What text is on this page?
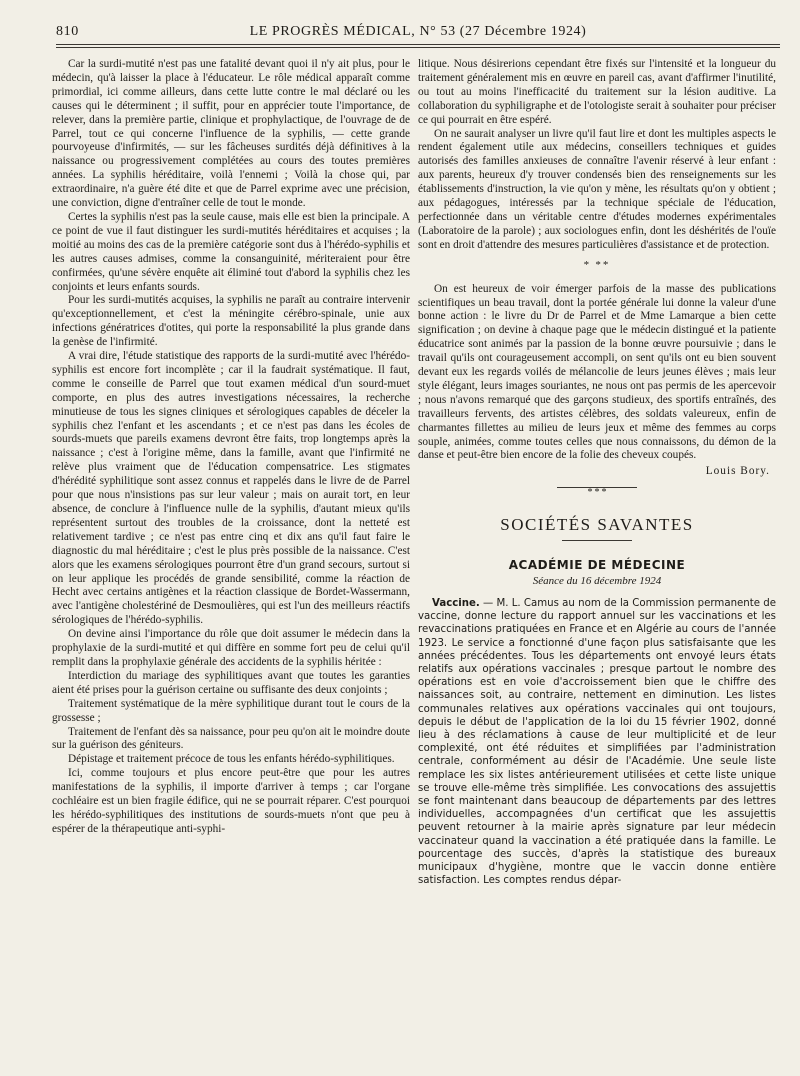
810	LE PROGRÈS MÉDICAL, N° 53 (27 Décembre 1924)

Car la surdi-mutité n'est pas une fatalité devant quoi il n'y ait plus, pour le médecin, qu'à laisser la place à l'éducateur. Le rôle médical apparaît comme primordial, ici comme ailleurs, dans cette lutte contre le mal déclaré ou les causes qui le déterminent ; il suffit, pour en apprécier toute l'importance, de relever, dans la première partie, clinique et prophylactique, de l'ouvrage de de Parrel, tout ce qui concerne l'influence de la syphilis, — cette grande pourvoyeuse d'infirmités, — sur les fâcheuses surdités déjà définitives à la naissance ou progressivement complétées au cours des toutes premières années. La syphilis héréditaire, voilà l'ennemi ; Voilà la chose qui, par extraordinaire, n'a guère été dite et que de Parrel exprime avec une précision, une conviction, digne d'entraîner celle de tout le monde.

Certes la syphilis n'est pas la seule cause, mais elle est bien la principale. A ce point de vue il faut distinguer les surdi-mutités héréditaires et acquises ; la moitié au moins des cas de la première catégorie sont dus à l'hérédo-syphilis et les autres causes admises, comme la consanguinité, mériteraient pour être confirmées, qu'une sévère enquête ait éliminé tout d'abord la syphilis chez les conjoints et leurs enfants sourds.

Pour les surdi-mutités acquises, la syphilis ne paraît au contraire intervenir qu'exceptionnellement, et c'est la méningite cérébro-spinale, unie aux infections génératrices d'otites, qui porte la responsabilité la plus grande dans la genèse de l'infirmité.

A vrai dire, l'étude statistique des rapports de la surdi-mutité avec l'hérédo-syphilis est encore fort incomplète ; car il la faudrait systématique. Il faut, comme le conseille de Parrel que tout examen médical d'un sourd-muet comporte, en plus des autres investigations nécessaires, la recherche minutieuse de tous les signes cliniques et sérologiques capables de déceler la syphilis chez l'enfant et les ascendants ; et ce n'est pas dans les écoles de sourds-muets que pareils examens devront être faits, trop longtemps après la naissance ; c'est à l'origine même, dans la famille, avant que l'infirmité ne relève plus vraiment que de l'éducation compensatrice. Les stigmates d'hérédité syphilitique sont assez connus et rappelés dans le livre de de Parrel pour que nous n'insistions pas sur leur valeur ; mais on aurait tort, en leur absence, de conclure à l'influence nulle de la syphilis, d'autant mieux qu'ils représentent surtout des troubles de la croissance, dont la netteté est relativement tardive ; ce n'est pas entre cinq et dix ans qu'il faut faire le diagnostic du mal héréditaire ; c'est le plus près possible de la naissance. C'est alors que les examens sérologiques pourront être d'un grand secours, surtout si on leur applique les procédés de grande sensibilité, comme la réaction de Hecht avec certains antigènes et la réaction classique de Bordet-Wassermann, avec l'antigène cholestériné de Desmoulières, qui est l'un des meilleurs réactifs sérologiques de l'hérédo-syphilis.

On devine ainsi l'importance du rôle que doit assumer le médecin dans la prophylaxie de la surdi-mutité et qui diffère en somme fort peu de celui qu'il remplit dans la prophylaxie générale des accidents de la syphilis héritée :

Interdiction du mariage des syphilitiques avant que toutes les garanties aient été prises pour la guérison certaine ou suffisante des deux conjoints ;

Traitement systématique de la mère syphilitique durant tout le cours de la grossesse ;

Traitement de l'enfant dès sa naissance, pour peu qu'on ait le moindre doute sur la guérison des géniteurs.

Dépistage et traitement précoce de tous les enfants hérédo-syphilitiques.

Ici, comme toujours et plus encore peut-être que pour les autres manifestations de la syphilis, il importe d'arriver à temps ; car l'organe cochléaire est un bien fragile édifice, qui ne se pourrait réparer. C'est pourquoi les hérédo-syphilitiques des institutions de sourds-muets n'ont que peu à espérer de la thérapeutique anti-syphi-

litique. Nous désirerions cependant être fixés sur l'intensité et la longueur du traitement généralement mis en œuvre en pareil cas, avant d'affirmer l'inutilité, ou tout au moins l'inefficacité du traitement sur la lésion auditive. La collaboration du syphiligraphe et de l'otologiste serait à souhaiter pour préciser ce qui pourrait en être espéré.

On ne saurait analyser un livre qu'il faut lire et dont les multiples aspects le rendent également utile aux médecins, conseillers techniques et guides autorisés des familles anxieuses de connaître l'avenir réservé à leur enfant : aux parents, heureux d'y trouver condensés bien des renseignements sur les établissements d'instruction, la vie qu'on y mène, les résultats qu'on y obtient ; aux pédagogues, intéressés par la technique spéciale de l'éducation, perfectionnée dans un véritable centre d'études modernes expérimentales (Laboratoire de la parole) ; aux sociologues enfin, dont les déshérités de l'ouïe sont en droit d'attendre des mesures particulières d'assistance et de protection.

* **

On est heureux de voir émerger parfois de la masse des publications scientifiques un beau travail, dont la portée générale lui donne la valeur d'une bonne action : le livre du Dr de Parrel et de Mme Lamarque a bien cette signification ; on devine à chaque page que le médecin distingué et la patiente éducatrice sont animés par la passion de la bonne œuvre poursuivie ; dans le travail qu'ils ont courageusement accompli, on sent qu'ils ont eu bien souvent devant eux les regards voilés de mélancolie de leurs jeunes élèves ; mais leur style élégant, leurs images souriantes, ne nous ont pas permis de les apercevoir ; nous n'avons remarqué que des garçons studieux, des sportifs entraînés, des travailleurs fervents, des artistes célèbres, des soldats valeureux, enfin de charmantes fillettes au milieu de leurs jeux et même des femmes au corps souple, animées, comme toutes celles que nous connaissons, du démon de la danse et peut-être bien encore de la folie des cheveux coupés.

Louis Bory.
* * *
SOCIÉTÉS SAVANTES
ACADÉMIE DE MÉDECINE
Séance du 16 décembre 1924

Vaccine. — M. L. Camus au nom de la Commission permanente de vaccine, donne lecture du rapport annuel sur les vaccinations et les revaccinations pratiquées en France et en Algérie au cours de l'année 1923. Le service a fonctionné d'une façon plus satisfaisante que les années précédentes. Tous les départements ont envoyé leurs états relatifs aux opérations vaccinales ; presque partout le nombre des opérations est en voie d'accroissement bien que le chiffre des naissances soit, au contraire, nettement en diminution. Les listes communales relatives aux opérations vaccinales qui ont toujours, depuis le début de l'application de la loi du 15 février 1902, donné lieu à des réclamations à cause de leur multiplicité et de leur complexité, ont été réduites et simplifiées par l'administration centrale, conformément au désir de l'Académie. Une seule liste remplace les six listes antérieurement utilisées et cette liste unique se trouve elle-même très simplifiée. Les convocations des assujettis se font maintenant dans beaucoup de départements par des lettres individuelles, accompagnées d'un certificat que les assujettis peuvent retourner à la mairie après signature par leur médecin vaccinateur quand la vaccination a été pratiquée dans la famille. Le pourcentage des succès, d'après la statistique des bureaux municipaux d'hygiène, montre que le vaccin donne entière satisfaction. Les comptes rendus dépar-
